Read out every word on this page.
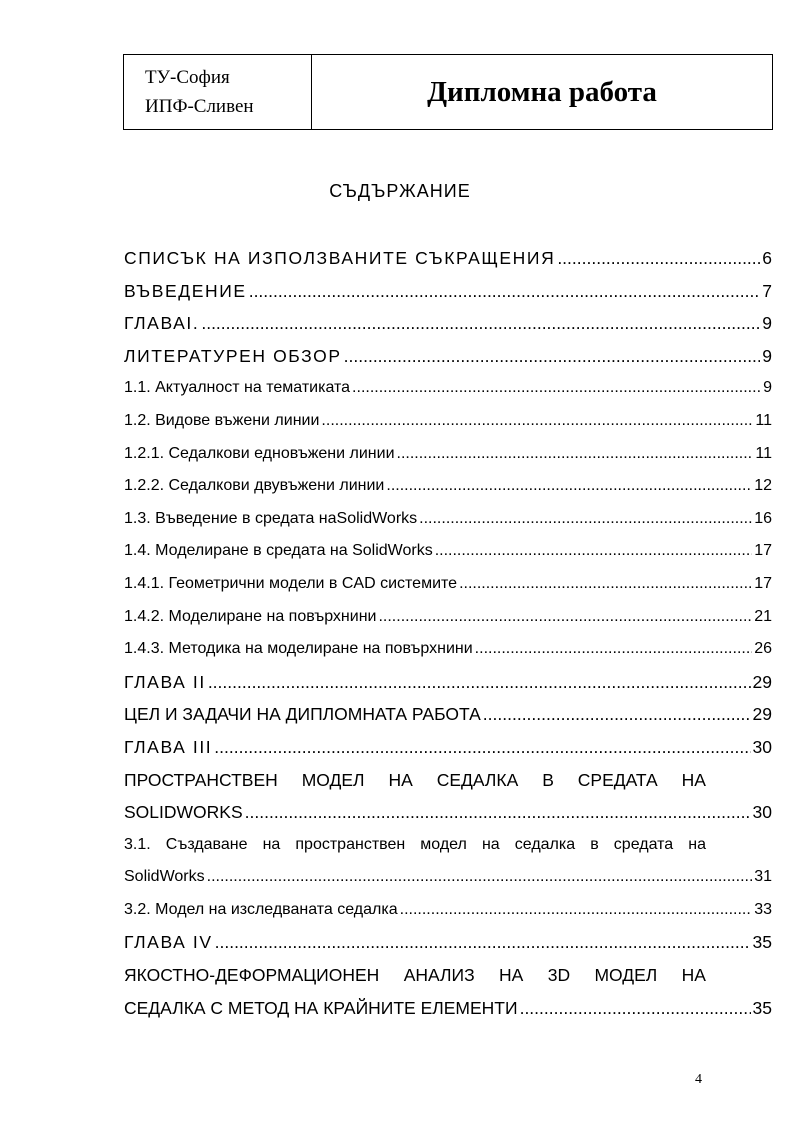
ТУ-София
ИПФ-Сливен	Дипломна работа
СЪДЪРЖАНИЕ
СПИСЪК НА ИЗПОЛЗВАНИТЕ СЪКРАЩЕНИЯ .....	6
ВЪВЕДЕНИЕ .....	7
ГЛАВАI. .....	9
ЛИТЕРАТУРЕН ОБЗОР .....	9
1.1. Актуалност на тематиката .....	9
1.2. Видове въжени линии .....	11
1.2.1. Седалкови едновъжени линии .....	11
1.2.2. Седалкови двувъжени линии .....	12
1.3. Въведение в средата наSolidWorks .....	16
1.4. Моделиране в средата на SolidWorks .....	17
1.4.1. Геометрични модели в CAD системите .....	17
1.4.2. Моделиране на повърхнини .....	21
1.4.3. Методика на моделиране на повърхнини .....	26
ГЛАВА II .....	29
ЦЕЛ И ЗАДАЧИ НА ДИПЛОМНАТА РАБОТА .....	29
ГЛАВА III .....	30
ПРОСТРАНСТВЕН МОДЕЛ НА СЕДАЛКА В СРЕДАТА НА
SOLIDWORKS .....	30
3.1. Създаване на пространствен модел на седалка в средата на
SolidWorks .....	31
3.2. Модел на изследваната седалка .....	33
ГЛАВА IV .....	35
ЯКОСТНО-ДЕФОРМАЦИОНЕН АНАЛИЗ НА 3D МОДЕЛ НА
СЕДАЛКА С МЕТОД НА КРАЙНИТЕ ЕЛЕМЕНТИ .....	35
4
